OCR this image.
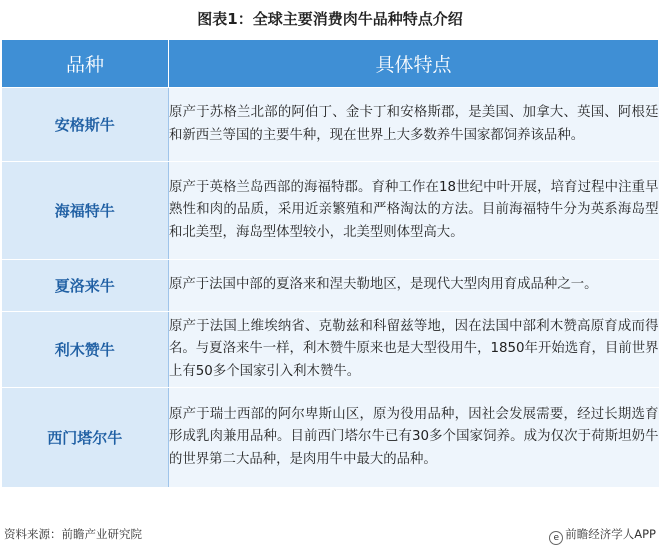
图表1：全球主要消费肉牛品种特点介绍
品种	具体特点
安格斯牛	原产于苏格兰北部的阿伯丁、金卡丁和安格斯郡，是美国、加拿大、英国、阿根廷和新西兰等国的主要牛种，现在世界上大多数养牛国家都饲养该品种。
海福特牛	原产于英格兰岛西部的海福特郡。育种工作在18世纪中叶开展，培育过程中注重早熟性和肉的品质，采用近亲繁殖和严格淘汰的方法。目前海福特牛分为英系海岛型和北美型，海岛型体型较小，北美型则体型高大。
夏洛来牛	原产于法国中部的夏洛来和涅夫勒地区，是现代大型肉用育成品种之一。
利木赞牛	原产于法国上维埃纳省、克勒兹和科留兹等地，因在法国中部利木赞高原育成而得名。与夏洛来牛一样，利木赞牛原来也是大型役用牛，1850年开始选育，目前世界上有50多个国家引入利木赞牛。
西门塔尔牛	原产于瑞士西部的阿尔卑斯山区，原为役用品种，因社会发展需要，经过长期选育形成乳肉兼用品种。目前西门塔尔牛已有30多个国家饲养。成为仅次于荷斯坦奶牛的世界第二大品种，是肉用牛中最大的品种。
资料来源：前瞻产业研究院	e 前瞻经济学人APP
